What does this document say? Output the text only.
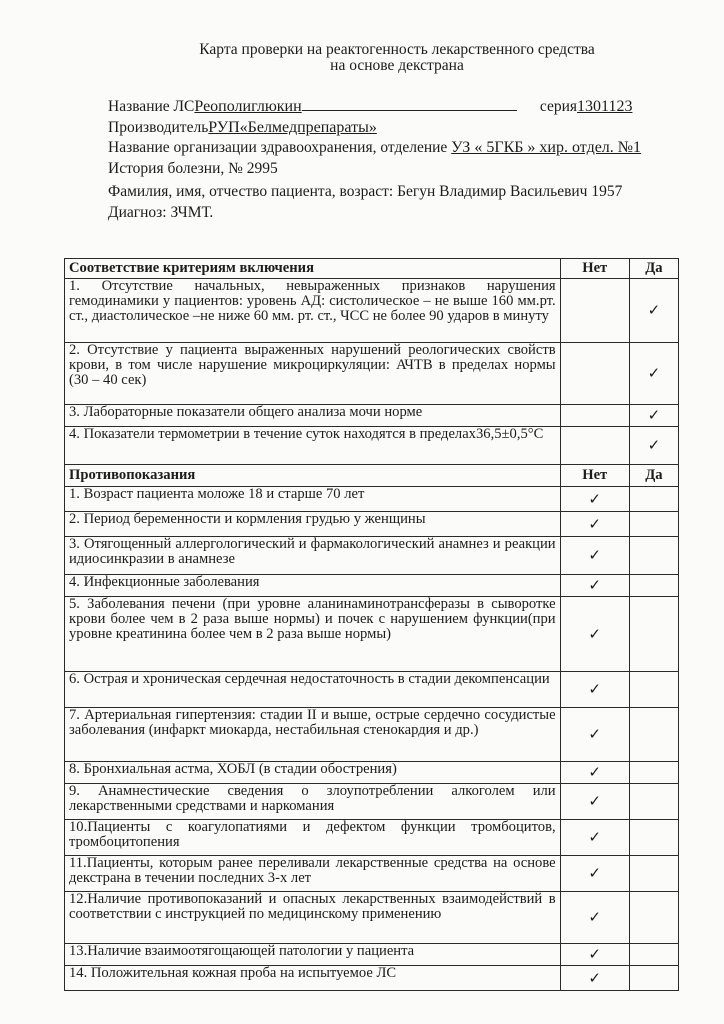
Карта проверки на реактогенность лекарственного средства
на основе декстрана
Название ЛСРеополиглюкин	серия1301123
ПроизводительРУП«Белмедпрепараты»
Название организации здравоохранения, отделение УЗ « 5ГКБ » хир. отдел. №1
История болезни, № 2995
Фамилия, имя, отчество пациента, возраст: Бегун Владимир Васильевич 1957
Диагноз: ЗЧМТ.
Соответствие критериям включения	Нет	Да
1. Отсутствие начальных, невыраженных признаков нарушения гемодинамики у пациентов: уровень АД: систолическое – не выше 160 мм.рт. ст., диастолическое –не ниже 60 мм. рт. ст., ЧСС не более 90 ударов в минуту		✓
2. Отсутствие у пациента выраженных нарушений реологических свойств крови, в том числе нарушение микроциркуляции: АЧТВ в пределах нормы (30 – 40 сек)		✓
3. Лабораторные показатели общего анализа мочи норме		✓
4. Показатели термометрии в течение суток находятся в пределах36,5±0,5°С		✓
Противопоказания	Нет	Да
1. Возраст пациента моложе 18 и старше 70 лет	✓	
2. Период беременности и кормления грудью у женщины	✓	
3. Отягощенный аллергологический и фармакологический анамнез и реакции идиосинкразии в анамнезе	✓	
4. Инфекционные заболевания	✓	
5. Заболевания печени (при уровне аланинаминотрансферазы в сыворотке крови более чем в 2 раза выше нормы) и почек с нарушением функции(при уровне креатинина более чем в 2 раза выше нормы)	✓	
6. Острая и хроническая сердечная недостаточность в стадии декомпенсации	✓	
7. Артериальная гипертензия: стадии II и выше, острые сердечно сосудистые заболевания (инфаркт миокарда, нестабильная стенокардия и др.)	✓	
8. Бронхиальная астма, ХОБЛ (в стадии обострения)	✓	
9. Анамнестические сведения о злоупотреблении алкоголем или лекарственными средствами и наркомания	✓	
10.Пациенты с коагулопатиями и дефектом функции тромбоцитов, тромбоцитопения	✓	
11.Пациенты, которым ранее переливали лекарственные средства на основе декстрана в течении последних 3-х лет	✓	
12.Наличие противопоказаний и опасных лекарственных взаимодействий в соответствии с инструкцией по медицинскому применению	✓	
13.Наличие взаимоотягощающей патологии у пациента	✓	
14. Положительная кожная проба на испытуемое ЛС	✓	
